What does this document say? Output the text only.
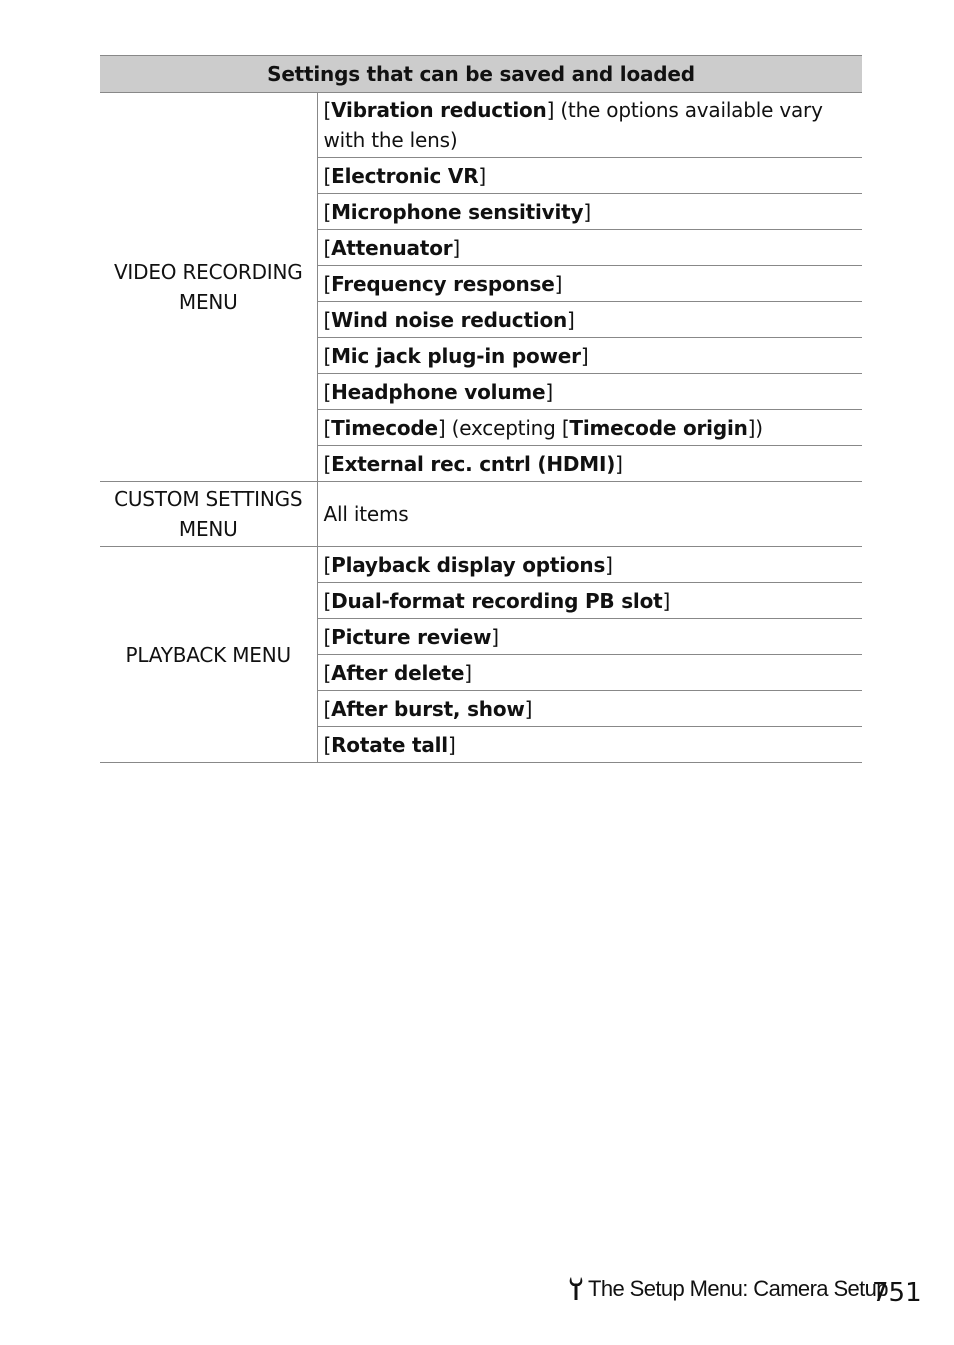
Settings that can be saved and loaded	
VIDEO RECORDING MENU	[Vibration reduction] (the options available vary with the lens)
	[Electronic VR]
	[Microphone sensitivity]
	[Attenuator]
	[Frequency response]
	[Wind noise reduction]
	[Mic jack plug-in power]
	[Headphone volume]
	[Timecode] (excepting [Timecode origin])
	[External rec. cntrl (HDMI)]
CUSTOM SETTINGS MENU	All items
PLAYBACK MENU	[Playback display options]
	[Dual-format recording PB slot]
	[Picture review]
	[After delete]
	[After burst, show]
	[Rotate tall]
The Setup Menu: Camera Setup
751
